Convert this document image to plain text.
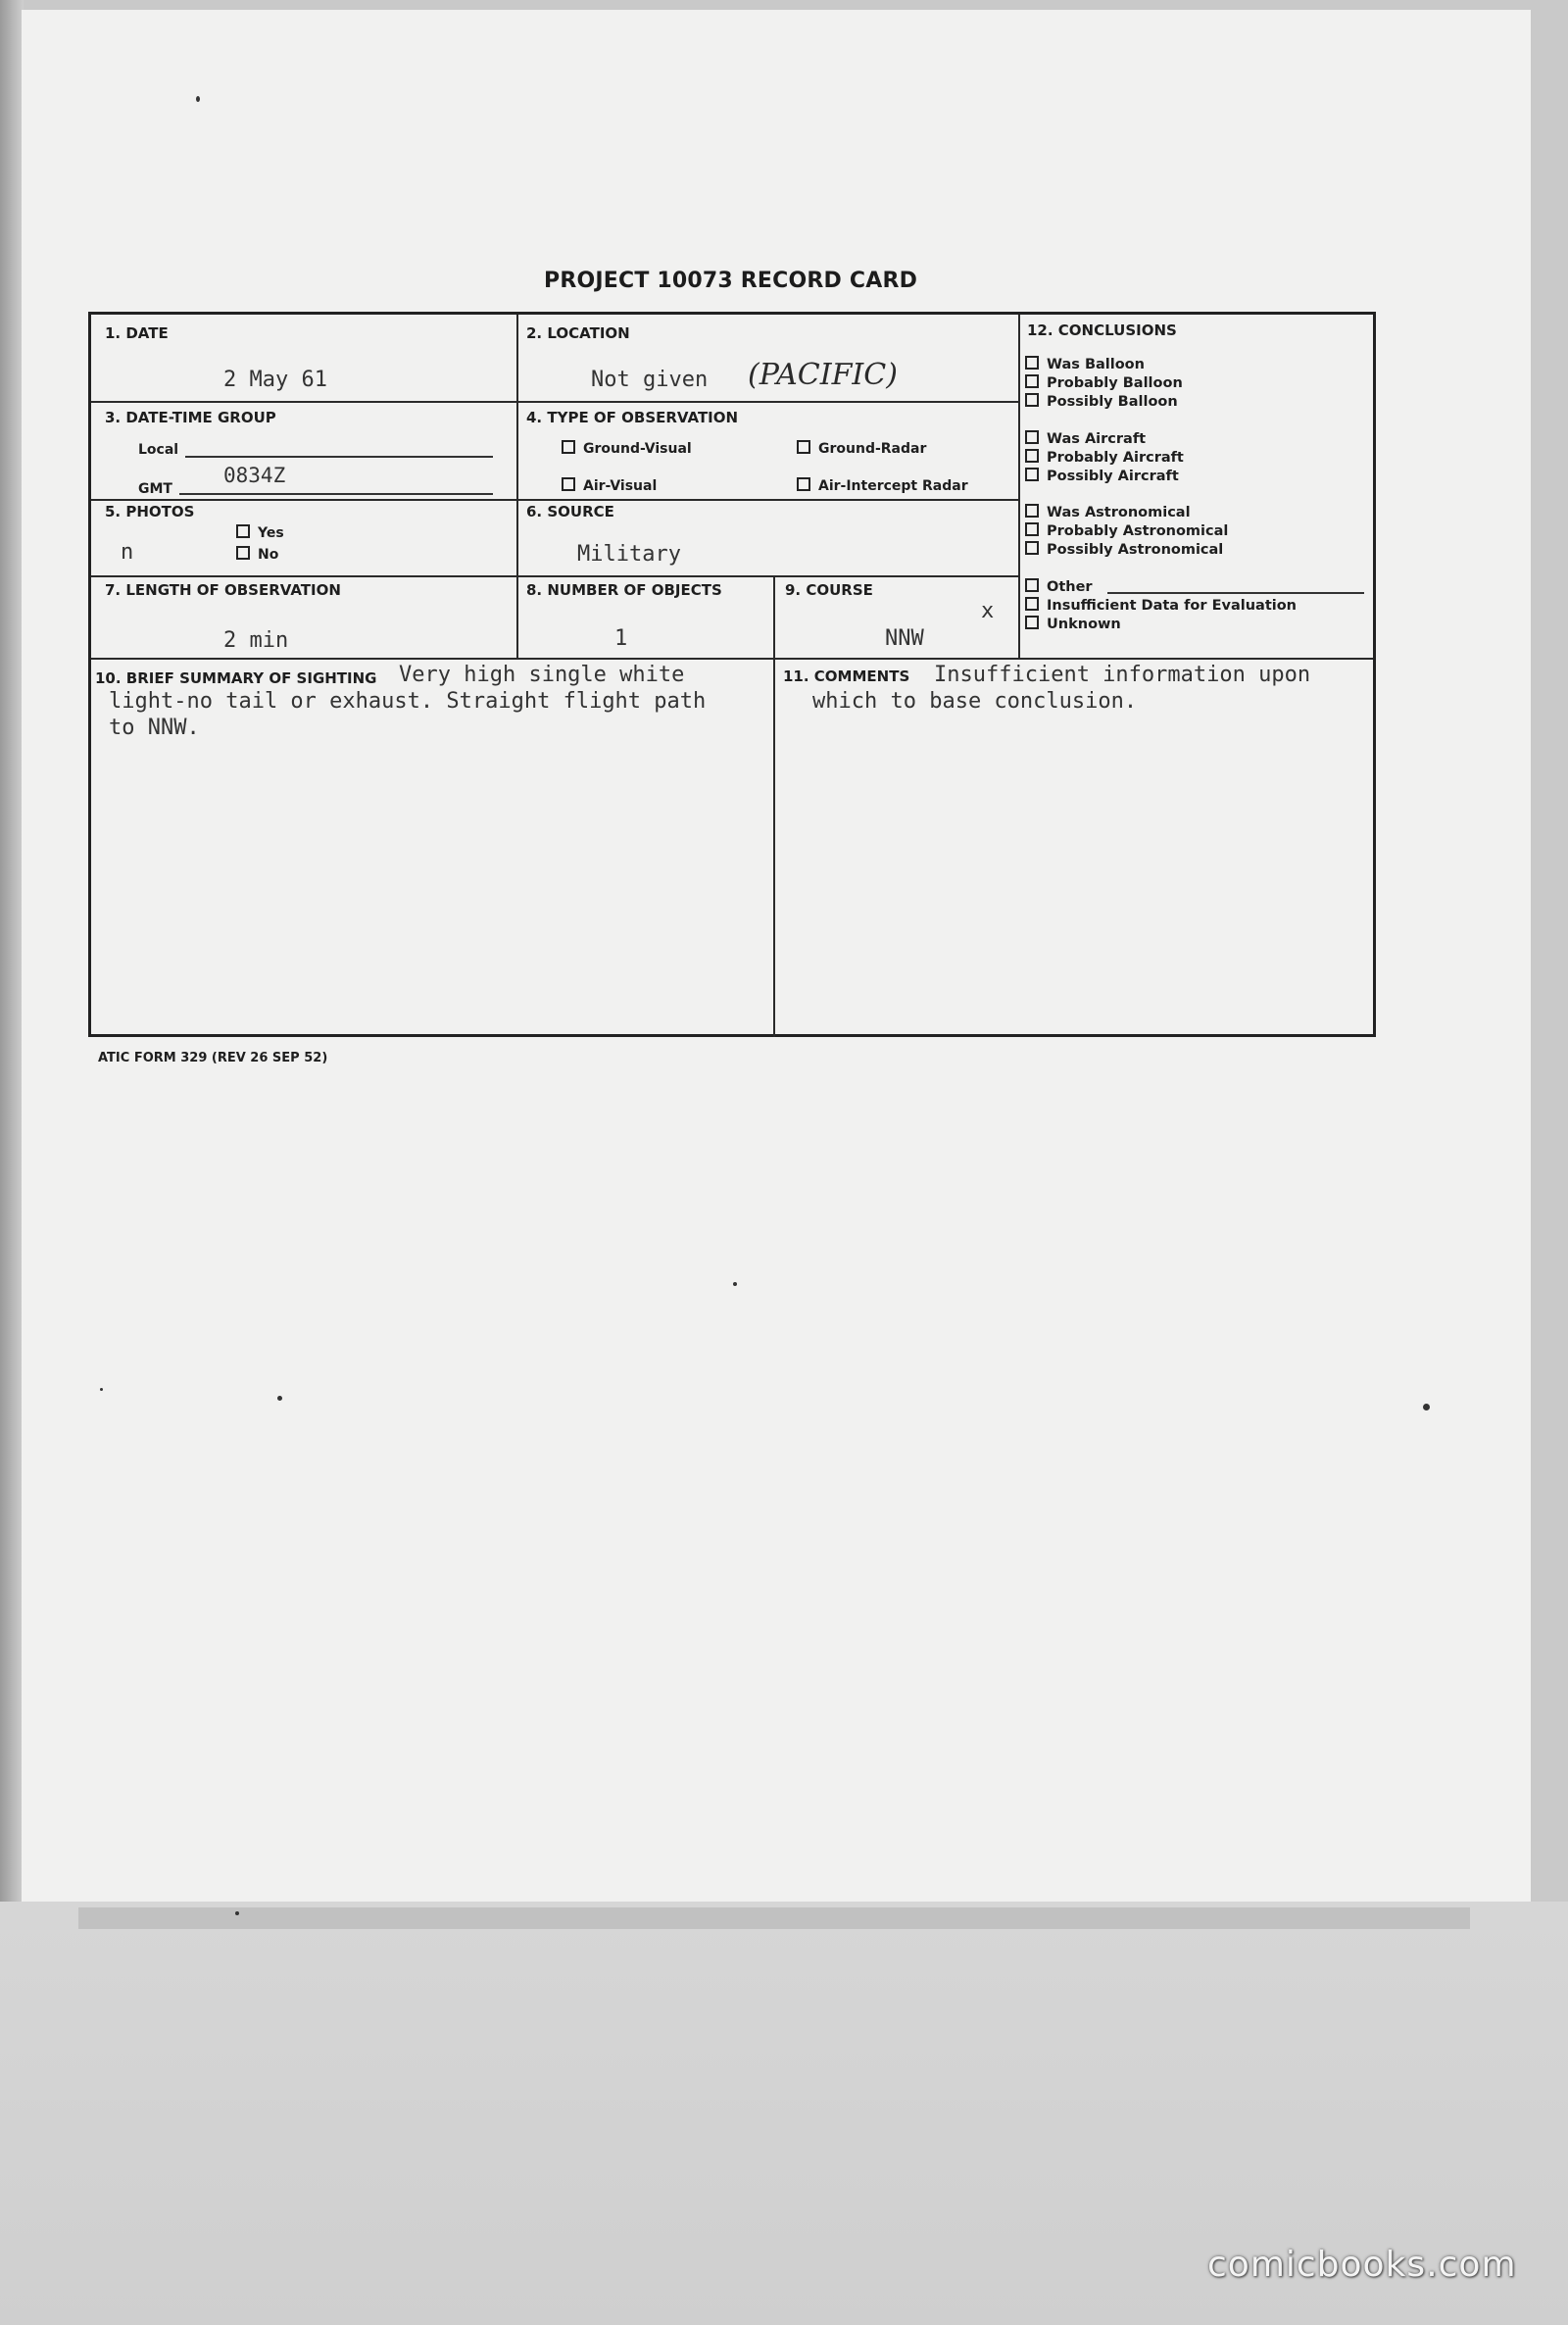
PROJECT 10073 RECORD CARD
1. DATE
2 May 61
2. LOCATION
Not given (PACIFIC)
3. DATE-TIME GROUP
Local
GMT
0834Z
4. TYPE OF OBSERVATION
Ground-Visual	Ground-Radar
Air-Visual	Air-Intercept Radar
5. PHOTOS
Yes
No
n
6. SOURCE
Military
7. LENGTH OF OBSERVATION
2 min
8. NUMBER OF OBJECTS
1
9. COURSE
NNW
x
10. BRIEF SUMMARY OF SIGHTING Very high single white
light-no tail or exhaust. Straight flight path
to NNW.
11. COMMENTS Insufficient information upon
which to base conclusion.
12. CONCLUSIONS
Was Balloon
Probably Balloon
Possibly Balloon
Was Aircraft
Probably Aircraft
Possibly Aircraft
Was Astronomical
Probably Astronomical
Possibly Astronomical
Other
Insufficient Data for Evaluation
Unknown
ATIC FORM 329 (REV 26 SEP 52)
comicbooks.com
